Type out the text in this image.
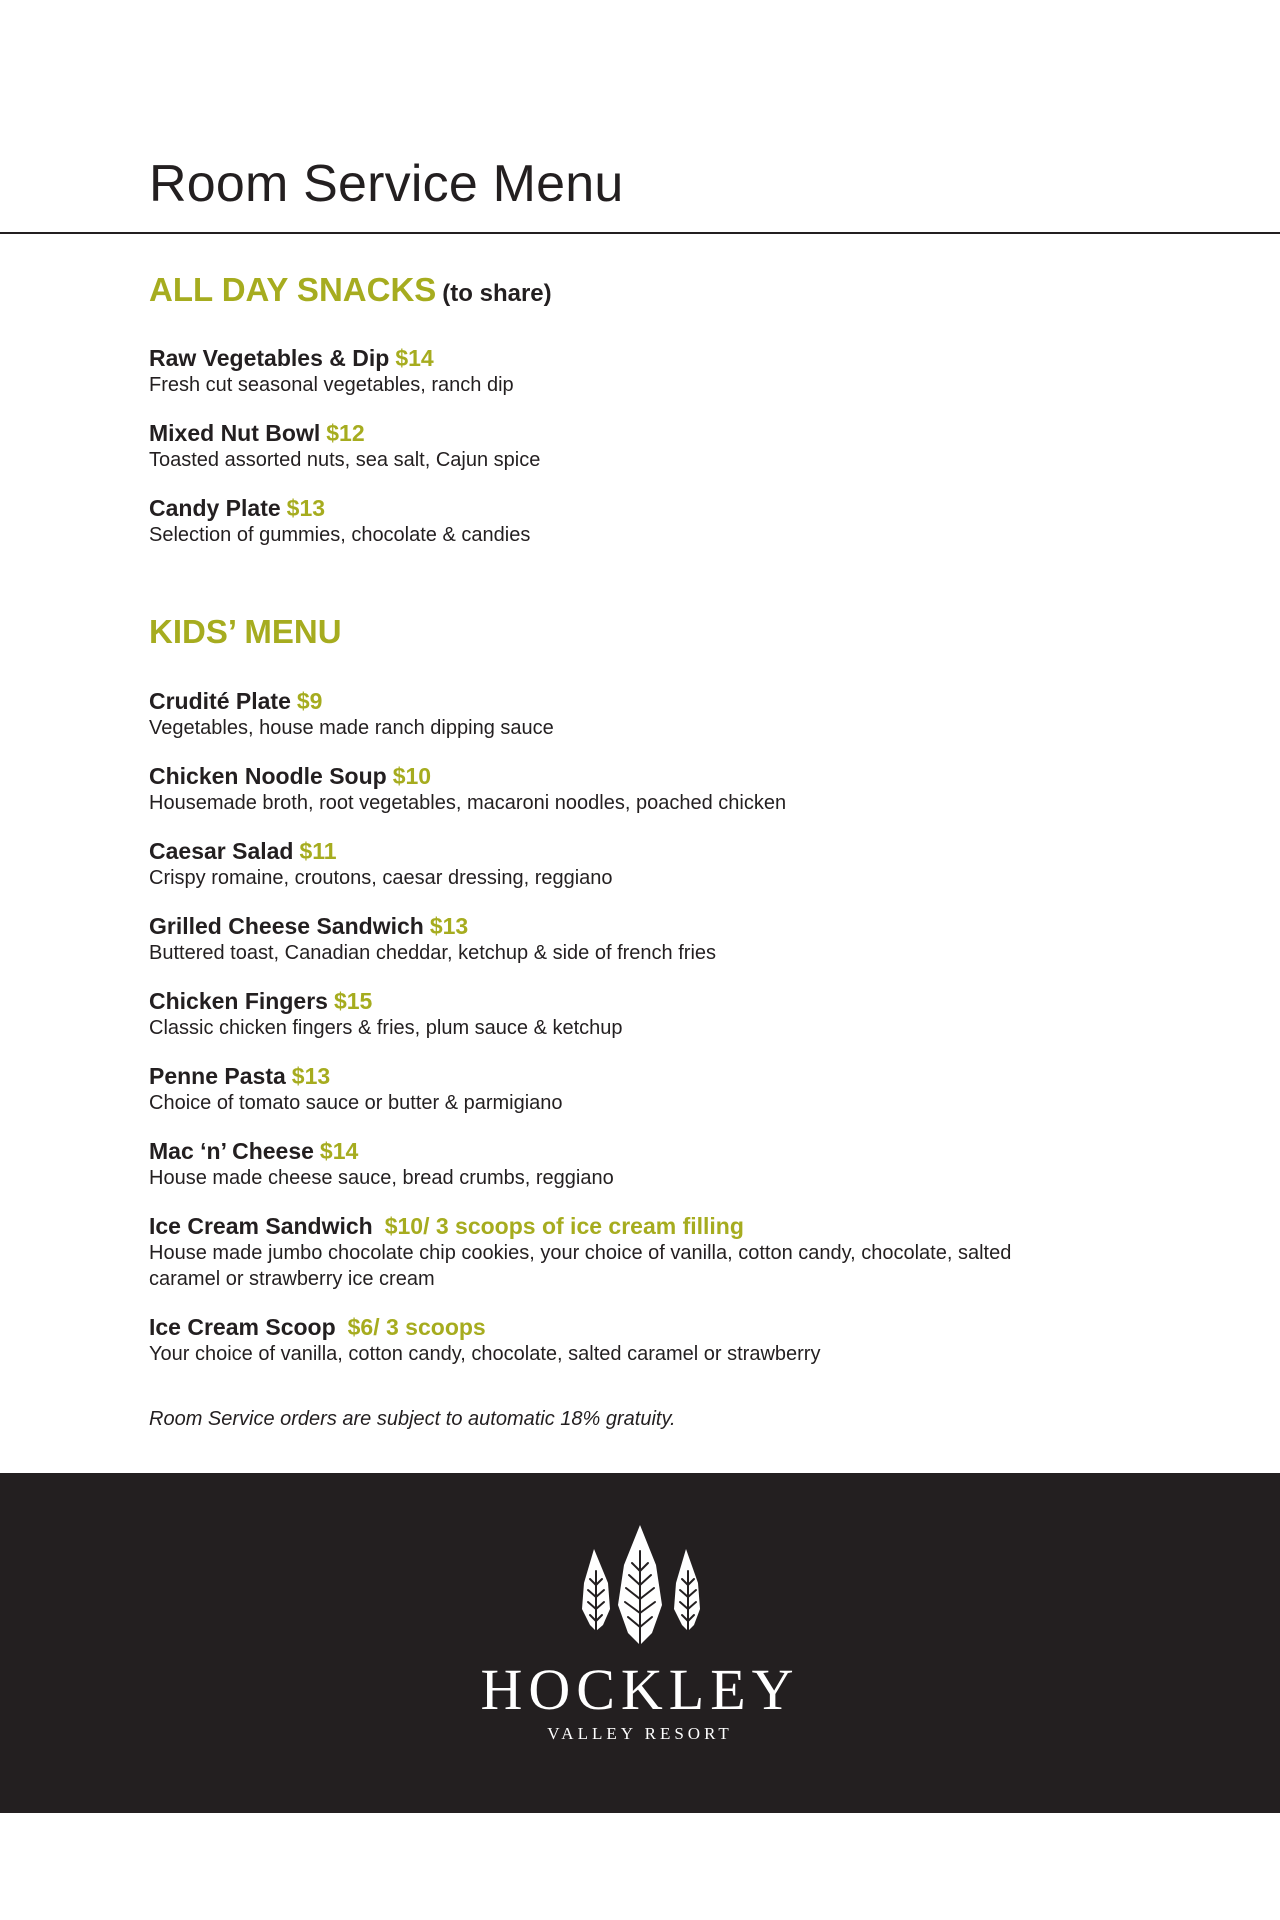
Room Service Menu
ALL DAY SNACKS (to share)
Raw Vegetables & Dip $14
Fresh cut seasonal vegetables, ranch dip
Mixed Nut Bowl $12
Toasted assorted nuts, sea salt, Cajun spice
Candy Plate $13
Selection of gummies, chocolate & candies
KIDS’ MENU
Crudité Plate $9
Vegetables, house made ranch dipping sauce
Chicken Noodle Soup $10
Housemade broth, root vegetables, macaroni noodles, poached chicken
Caesar Salad $11
Crispy romaine, croutons, caesar dressing, reggiano
Grilled Cheese Sandwich $13
Buttered toast, Canadian cheddar, ketchup & side of french fries
Chicken Fingers $15
Classic chicken fingers & fries, plum sauce & ketchup
Penne Pasta $13
Choice of tomato sauce or butter & parmigiano
Mac ‘n’ Cheese $14
House made cheese sauce, bread crumbs, reggiano
Ice Cream Sandwich $10/ 3 scoops of ice cream filling
House made jumbo chocolate chip cookies, your choice of vanilla, cotton candy, chocolate, salted caramel or strawberry ice cream
Ice Cream Scoop $6/ 3 scoops
Your choice of vanilla, cotton candy, chocolate, salted caramel or strawberry
Room Service orders are subject to automatic 18% gratuity.
HOCKLEY
VALLEY RESORT
